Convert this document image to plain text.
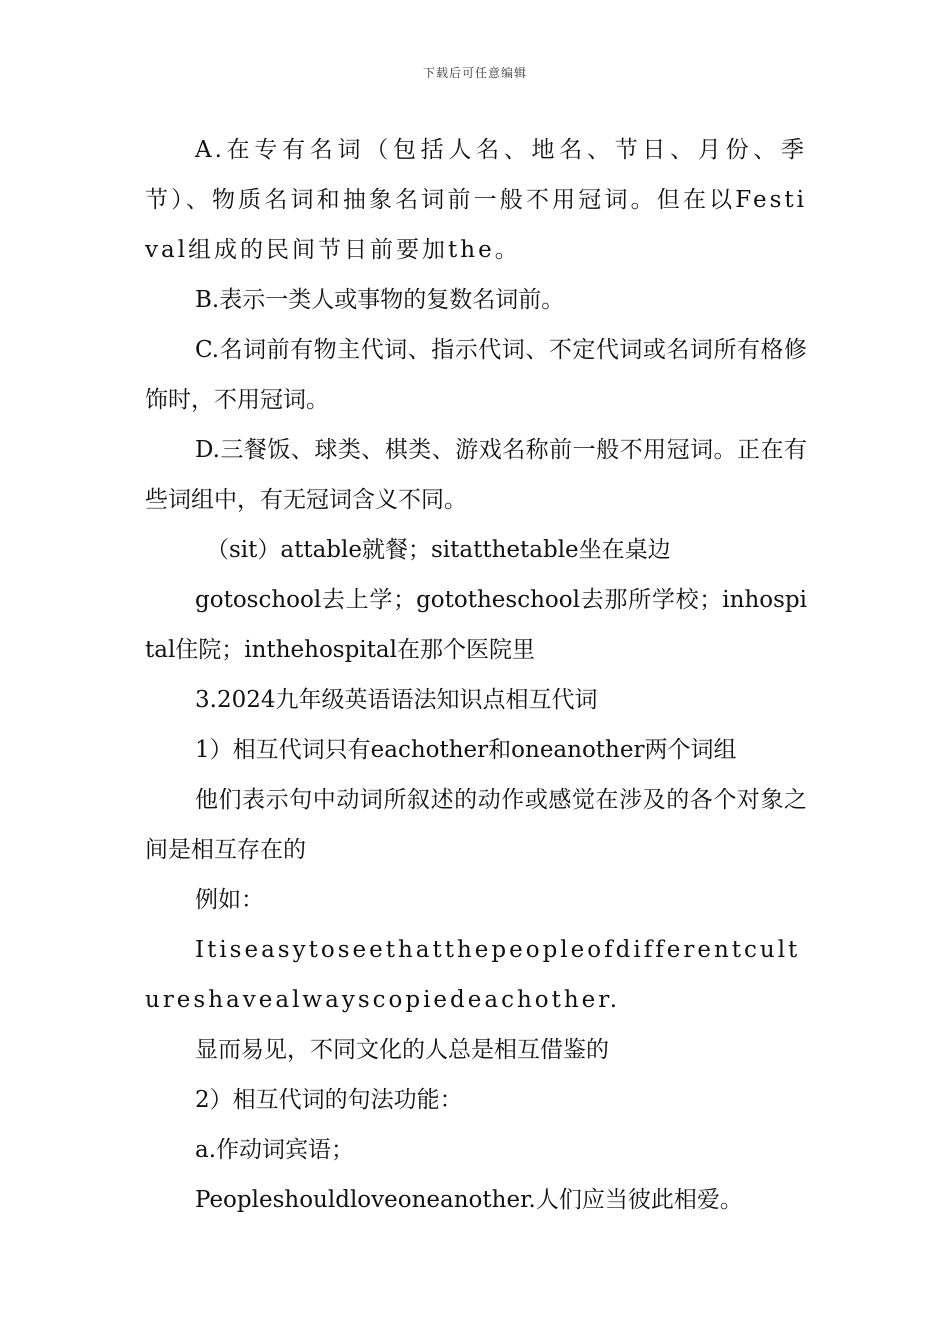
下载后可任意编辑

A.在专有名词（包括人名、地名、节日、月份、季节）、物质名词和抽象名词前一般不用冠词。但在以Festival组成的民间节日前要加the。

B.表示一类人或事物的复数名词前。

C.名词前有物主代词、指示代词、不定代词或名词所有格修饰时，不用冠词。

D.三餐饭、球类、棋类、游戏名称前一般不用冠词。正在有些词组中，有无冠词含义不同。

（sit）attable就餐；sitatthetable坐在桌边

gotoschool去上学；gototheschool去那所学校；inhospital住院；inthehospital在那个医院里

3.2024九年级英语语法知识点相互代词

1）相互代词只有eachother和oneanother两个词组

他们表示句中动词所叙述的动作或感觉在涉及的各个对象之间是相互存在的

例如：

Itiseasytoseethatthepeopleofdifferentcultureshavealwayscopiedeachother.

显而易见，不同文化的人总是相互借鉴的

2）相互代词的句法功能：

a.作动词宾语；

Peopleshouldloveoneanother.人们应当彼此相爱。
